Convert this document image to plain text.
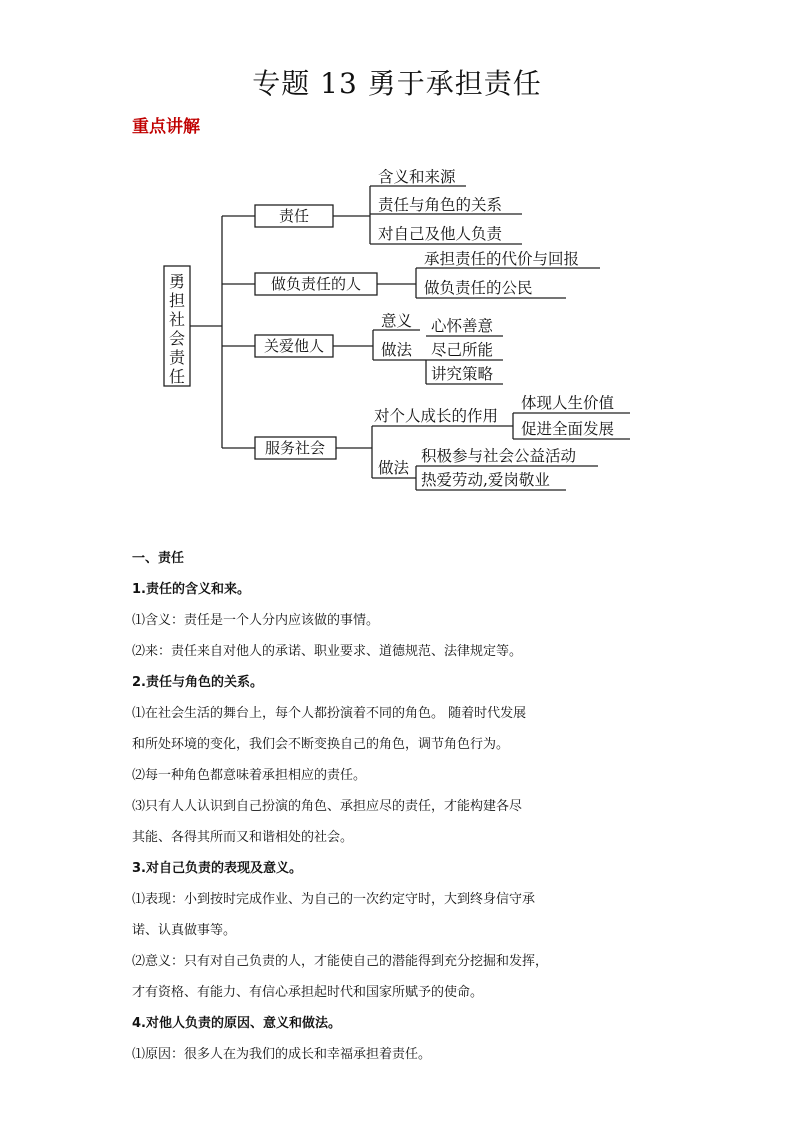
专题 13 勇于承担责任
重点讲解
勇
担
社
会
责
任
责任
做负责任的人
关爱他人
服务社会
含义和来源
责任与角色的关系
对自己及他人负责
承担责任的代价与回报
做负责任的公民
意义
做法
心怀善意
尽己所能
讲究策略
对个人成长的作用
体现人生价值
促进全面发展
做法
积极参与社会公益活动
热爱劳动,爱岗敬业
一、责任
1.责任的含义和来。
⑴含义：责任是一个人分内应该做的事情。
⑵来：责任来自对他人的承诺、职业要求、道德规范、法律规定等。
2.责任与角色的关系。
⑴在社会生活的舞台上，每个人都扮演着不同的角色。 随着时代发展
和所处环境的变化，我们会不断变换自己的角色，调节角色行为。
⑵每一种角色都意味着承担相应的责任。
⑶只有人人认识到自己扮演的角色、承担应尽的责任，才能构建各尽
其能、各得其所而又和谐相处的社会。
3.对自己负责的表现及意义。
⑴表现：小到按时完成作业、为自己的一次约定守时，大到终身信守承
诺、认真做事等。
⑵意义：只有对自己负责的人，才能使自己的潜能得到充分挖掘和发挥，
才有资格、有能力、有信心承担起时代和国家所赋予的使命。
4.对他人负责的原因、意义和做法。
⑴原因：很多人在为我们的成长和幸福承担着责任。
